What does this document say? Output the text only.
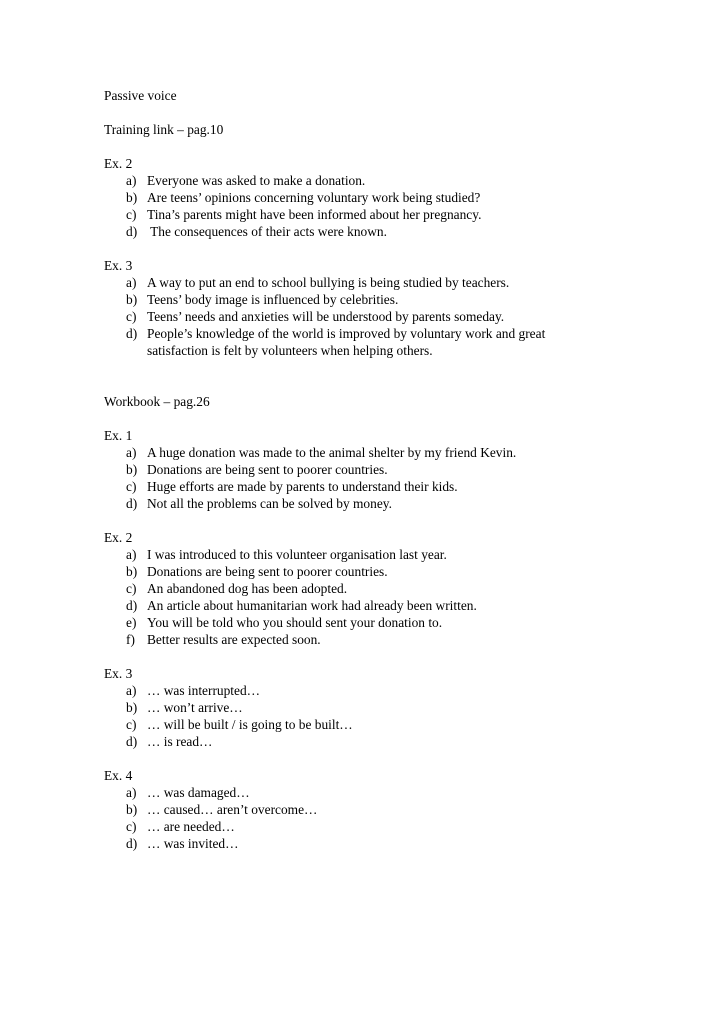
Passive voice
Training link – pag.10
Ex. 2
a) Everyone was asked to make a donation.
b) Are teens’ opinions concerning voluntary work being studied?
c) Tina’s parents might have been informed about her pregnancy.
d) The consequences of their acts were known.
Ex. 3
a) A way to put an end to school bullying is being studied by teachers.
b) Teens’ body image is influenced by celebrities.
c) Teens’ needs and anxieties will be understood by parents someday.
d) People’s knowledge of the world is improved by voluntary work and great
satisfaction is felt by volunteers when helping others.
Workbook – pag.26
Ex. 1
a) A huge donation was made to the animal shelter by my friend Kevin.
b) Donations are being sent to poorer countries.
c) Huge efforts are made by parents to understand their kids.
d) Not all the problems can be solved by money.
Ex. 2
a) I was introduced to this volunteer organisation last year.
b) Donations are being sent to poorer countries.
c) An abandoned dog has been adopted.
d) An article about humanitarian work had already been written.
e) You will be told who you should sent your donation to.
f) Better results are expected soon.
Ex. 3
a) … was interrupted…
b) … won’t arrive…
c) … will be built / is going to be built…
d) … is read…
Ex. 4
a) … was damaged…
b) … caused… aren’t overcome…
c) … are needed…
d) … was invited…
